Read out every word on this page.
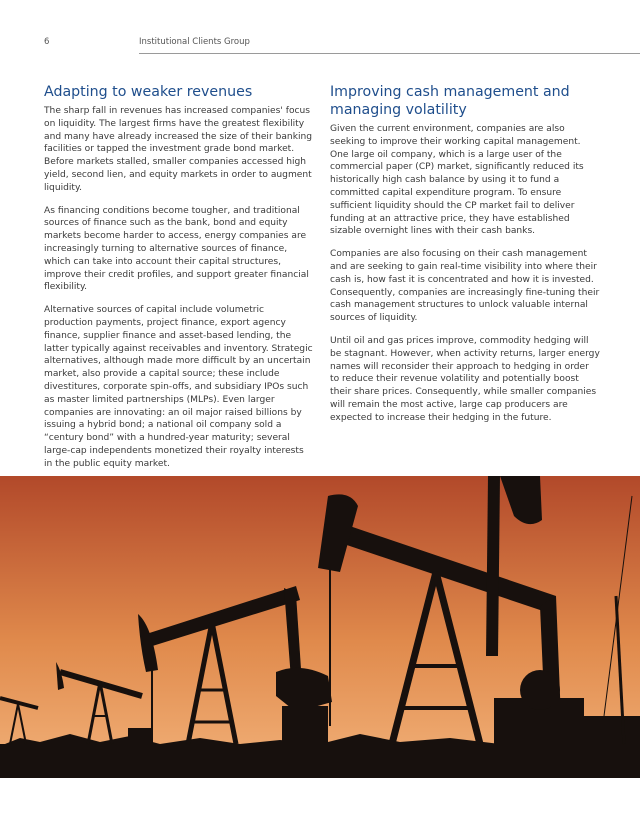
6	Institutional Clients Group
Adapting to weaker revenues

The sharp fall in revenues has increased companies' focus on liquidity. The largest firms have the greatest flexibility and many have already increased the size of their banking facilities or tapped the investment grade bond market. Before markets stalled, smaller companies accessed high yield, second lien, and equity markets in order to augment liquidity.

As financing conditions become tougher, and traditional sources of finance such as the bank, bond and equity markets become harder to access, energy companies are increasingly turning to alternative sources of finance, which can take into account their capital structures, improve their credit profiles, and support greater financial flexibility.

Alternative sources of capital include volumetric production payments, project finance, export agency finance, supplier finance and asset-based lending, the latter typically against receivables and inventory. Strategic alternatives, although made more difficult by an uncertain market, also provide a capital source; these include divestitures, corporate spin-offs, and subsidiary IPOs such as master limited partnerships (MLPs). Even larger companies are innovating: an oil major raised billions by issuing a hybrid bond; a national oil company sold a “century bond” with a hundred-year maturity; several large-cap independents monetized their royalty interests in the public equity market.

Improving cash management and managing volatility

Given the current environment, companies are also seeking to improve their working capital management. One large oil company, which is a large user of the commercial paper (CP) market, significantly reduced its historically high cash balance by using it to fund a committed capital expenditure program. To ensure sufficient liquidity should the CP market fail to deliver funding at an attractive price, they have established sizable overnight lines with their cash banks.

Companies are also focusing on their cash management and are seeking to gain real-time visibility into where their cash is, how fast it is concentrated and how it is invested. Consequently, companies are increasingly fine-tuning their cash management structures to unlock valuable internal sources of liquidity.

Until oil and gas prices improve, commodity hedging will be stagnant. However, when activity returns, larger energy names will reconsider their approach to hedging in order to reduce their revenue volatility and potentially boost their share prices. Consequently, while smaller companies will remain the most active, large cap producers are expected to increase their hedging in the future.
